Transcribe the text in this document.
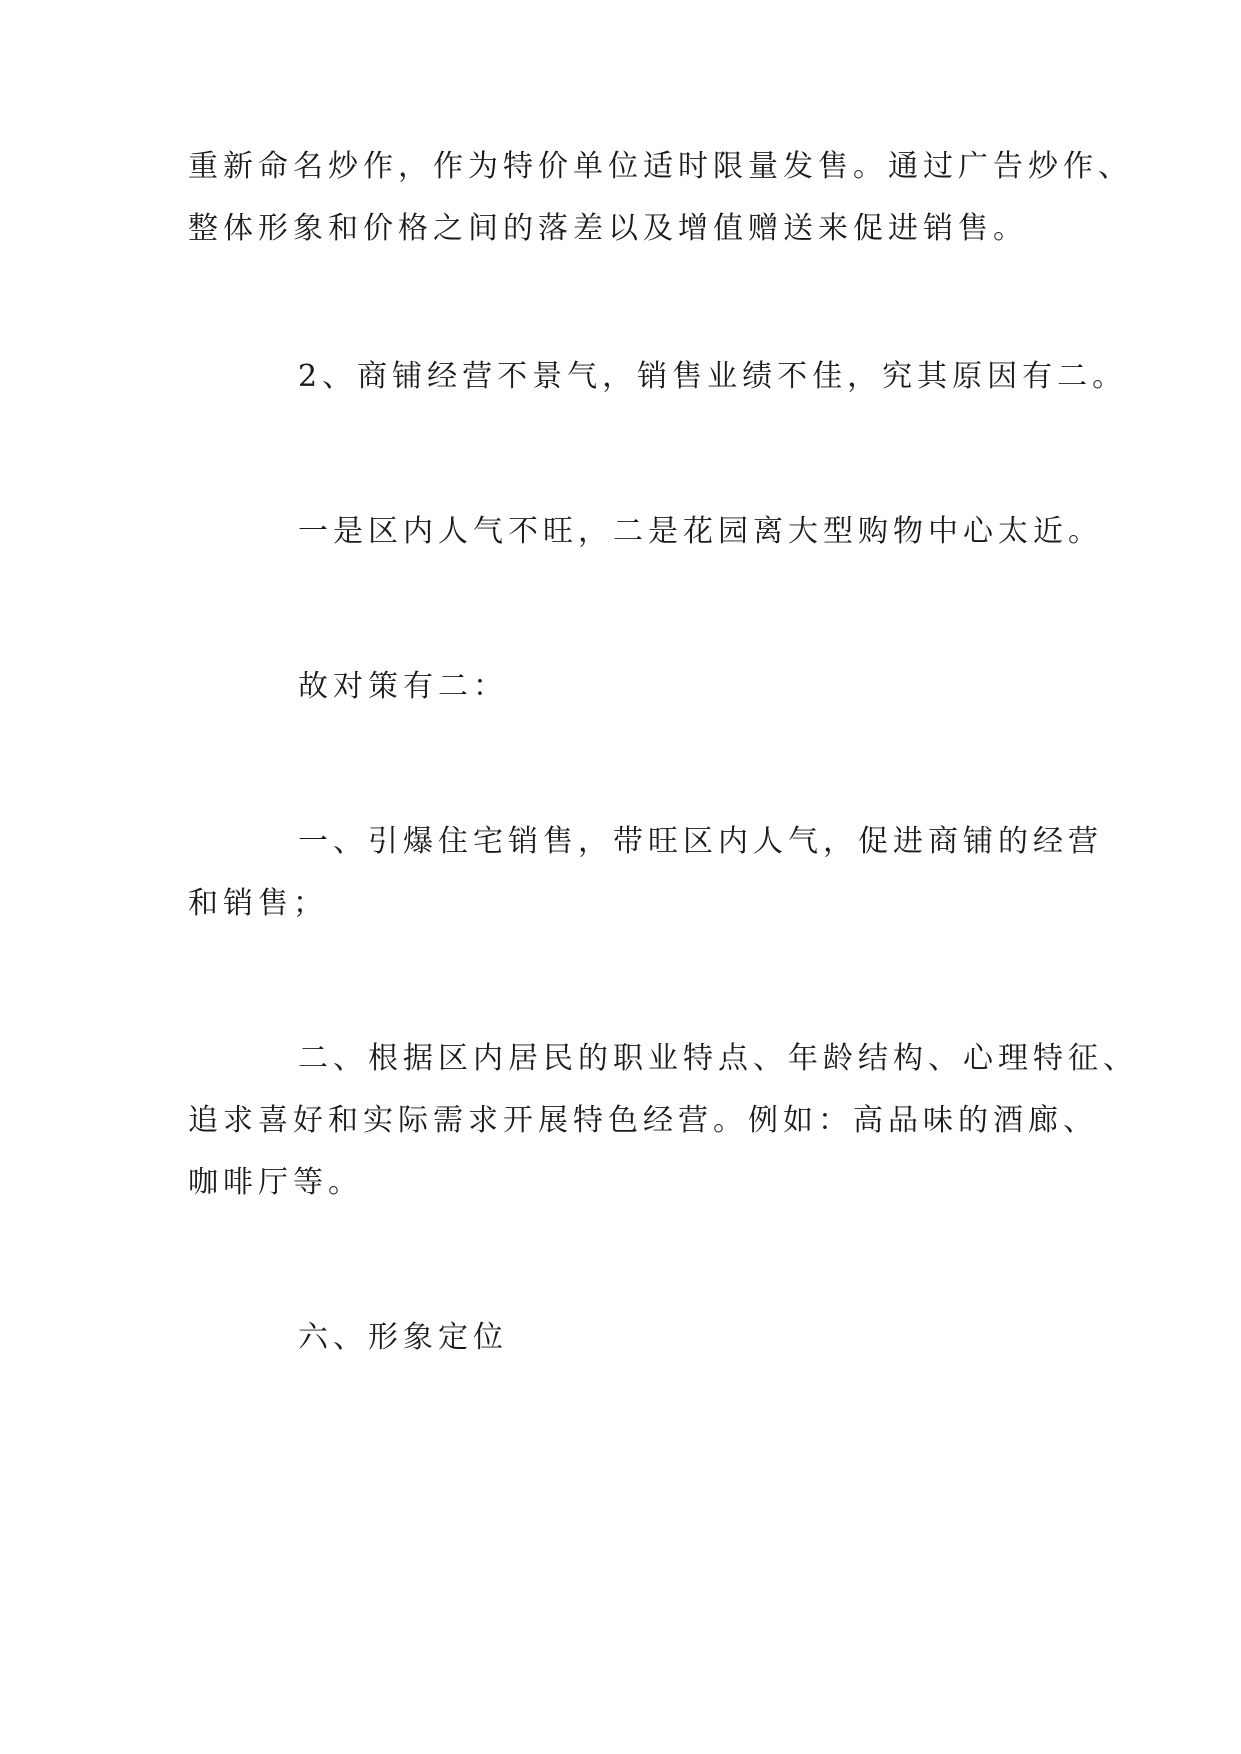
重新命名炒作，作为特价单位适时限量发售。通过广告炒作、
整体形象和价格之间的落差以及增值赠送来促进销售。
2、商铺经营不景气，销售业绩不佳，究其原因有二。
一是区内人气不旺，二是花园离大型购物中心太近。
故对策有二：
一、引爆住宅销售，带旺区内人气，促进商铺的经营
和销售；
二、根据区内居民的职业特点、年龄结构、心理特征、
追求喜好和实际需求开展特色经营。例如：高品味的酒廊、
咖啡厅等。
六、形象定位
